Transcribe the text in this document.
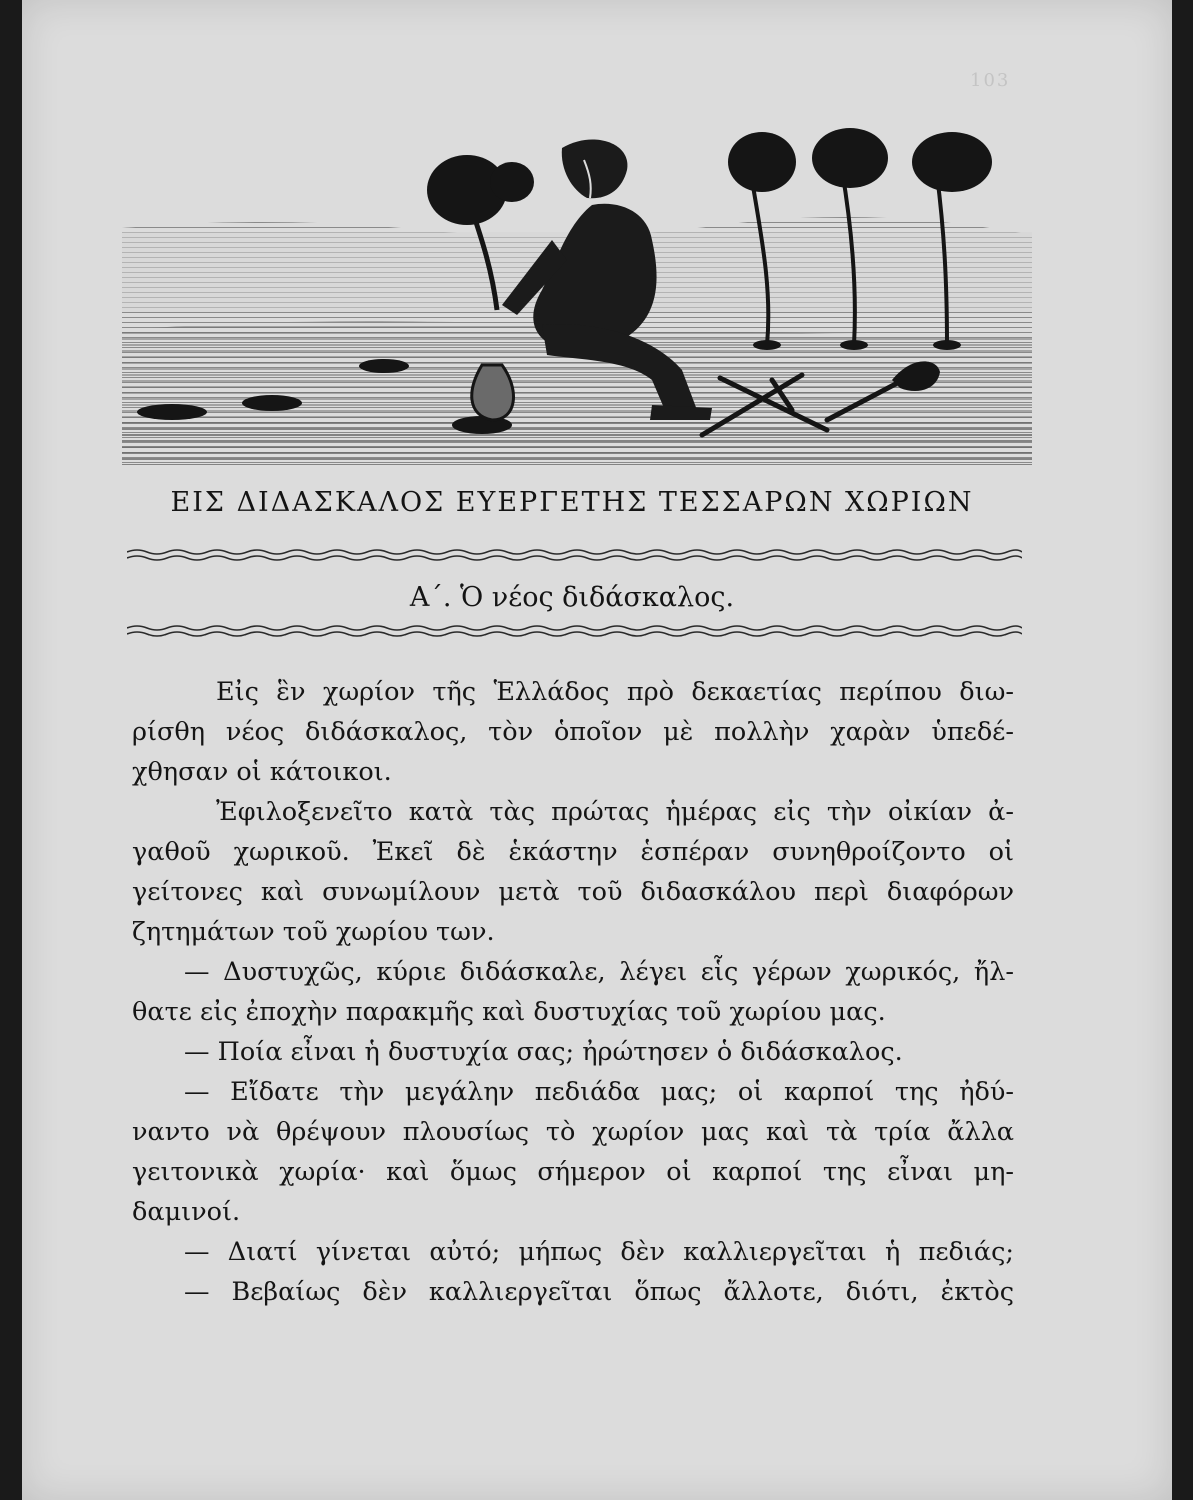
103
ΕΙΣ ΔΙΔΑΣΚΑΛΟΣ ΕΥΕΡΓΕΤΗΣ ΤΕΣΣΑΡΩΝ ΧΩΡΙΩΝ
Α΄. Ὁ νέος διδάσκαλος.
Εἰς ἓν χωρίον τῆς Ἑλλάδος πρὸ δεκαετίας περίπου διω-
ρίσθη νέος διδάσκαλος, τὸν ὁποῖον μὲ πολλὴν χαρὰν ὑπεδέ-
χθησαν οἱ κάτοικοι.
Ἐφιλοξενεῖτο κατὰ τὰς πρώτας ἡμέρας εἰς τὴν οἰκίαν ἀ-
γαθοῦ χωρικοῦ. Ἐκεῖ δὲ ἑκάστην ἑσπέραν συνηθροίζοντο οἱ
γείτονες καὶ συνωμίλουν μετὰ τοῦ διδασκάλου περὶ διαφόρων
ζητημάτων τοῦ χωρίου των.
— Δυστυχῶς, κύριε διδάσκαλε, λέγει εἷς γέρων χωρικός, ἤλ-
θατε εἰς ἐποχὴν παρακμῆς καὶ δυστυχίας τοῦ χωρίου μας.
— Ποία εἶναι ἡ δυστυχία σας; ἠρώτησεν ὁ διδάσκαλος.
— Εἴδατε τὴν μεγάλην πεδιάδα μας; οἱ καρποί της ἠδύ-
ναντο νὰ θρέψουν πλουσίως τὸ χωρίον μας καὶ τὰ τρία ἄλλα
γειτονικὰ χωρία· καὶ ὅμως σήμερον οἱ καρποί της εἶναι μη-
δαμινοί.
— Διατί γίνεται αὐτό; μήπως δὲν καλλιεργεῖται ἡ πεδιάς;
— Βεβαίως δὲν καλλιεργεῖται ὅπως ἄλλοτε, διότι, ἐκτὸς
